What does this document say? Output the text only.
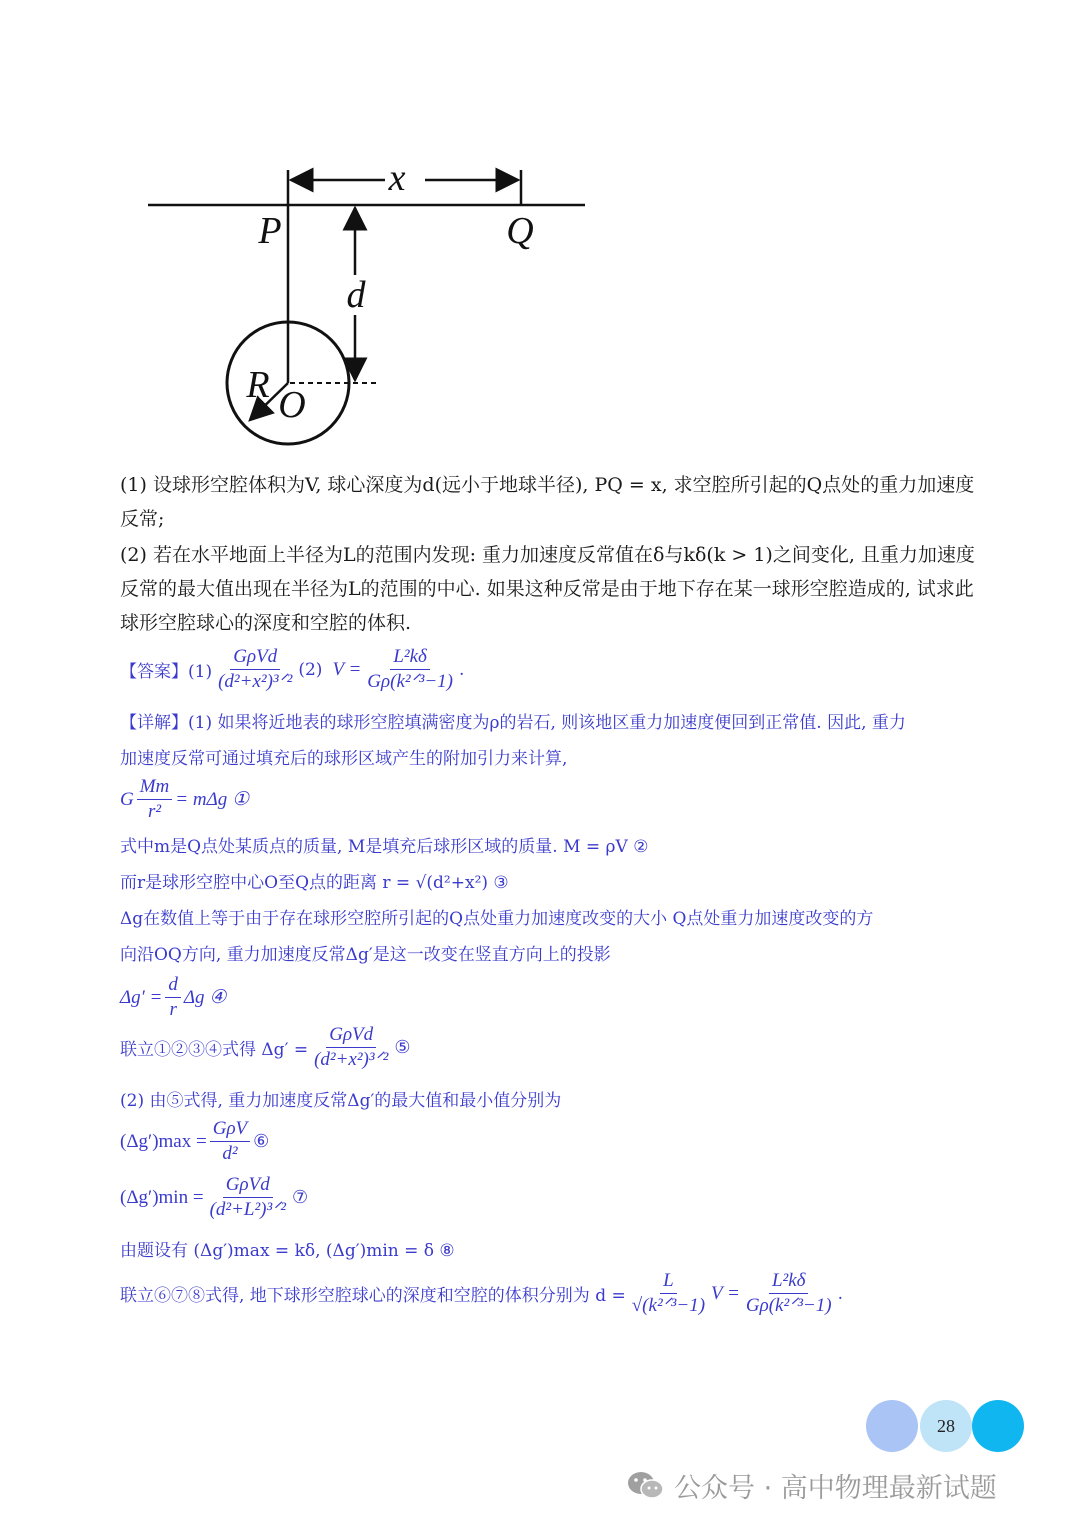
x
P	Q
d
R O
(1) 设球形空腔体积为V, 球心深度为d(远小于地球半径), PQ = x, 求空腔所引起的Q点处的重力加速度反常;
(2) 若在水平地面上半径为L的范围内发现: 重力加速度反常值在δ与kδ(k > 1)之间变化, 且重力加速度反常的最大值出现在半径为L的范围的中心. 如果这种反常是由于地下存在某一球形空腔造成的, 试求此球形空腔球心的深度和空腔的体积.
【答案】$(1) \frac{\text{GρVd}}{\text{(d²+x²)³ᐟ²}} (2) V = \frac{\text{L²kδ}}{\text{Gρ(k²ᐟ³−1)}}$ .
【详解】(1) 如果将近地表的球形空腔填满密度为ρ的岩石, 则该地区重力加速度便回到正常值. 因此, 重力
加速度反常可通过填充后的球形区域产生的附加引力来计算,
G $\frac{Mm}{\text{r²}} = m\Delta g$ ①
式中m是Q点处某质点的质量, M是填充后球形区域的质量. M = ρV ②
而r是球形空腔中心O至Q点的距离 r = √(d²+x²) ③
Δg在数值上等于由于存在球形空腔所引起的Q点处重力加速度改变的大小 Q点处重力加速度改变的方
向沿OQ方向, 重力加速度反常Δg′是这一改变在竖直方向上的投影
$\Delta g' = \frac{d}{r}$ Δg ④
联立①②③④式得 $\Delta g' = \frac{\text{GρVd}}{\text{(d²+x²)³ᐟ²}}$ ⑤
(2) 由⑤式得, 重力加速度反常Δg′的最大值和最小值分别为
$(\Delta g')\max = \frac{\text{GρV}}{\text{d²}}$ ⑥
$(\Delta g')\min = \frac{\text{GρVd}}{\text{(d²+L²)³ᐟ²}}$ ⑦
由题设有 (Δg′)max = kδ, (Δg′)min = δ ⑧
联立⑥⑦⑧式得, 地下球形空腔球心的深度和空腔的体积分别为 $d = \frac{L}{\text{√(k²ᐟ³−1)}}$ $V = \frac{\text{L²kδ}}{\text{Gρ(k²ᐟ³−1)}}$ .
28
公众号 · 高中物理最新试题
